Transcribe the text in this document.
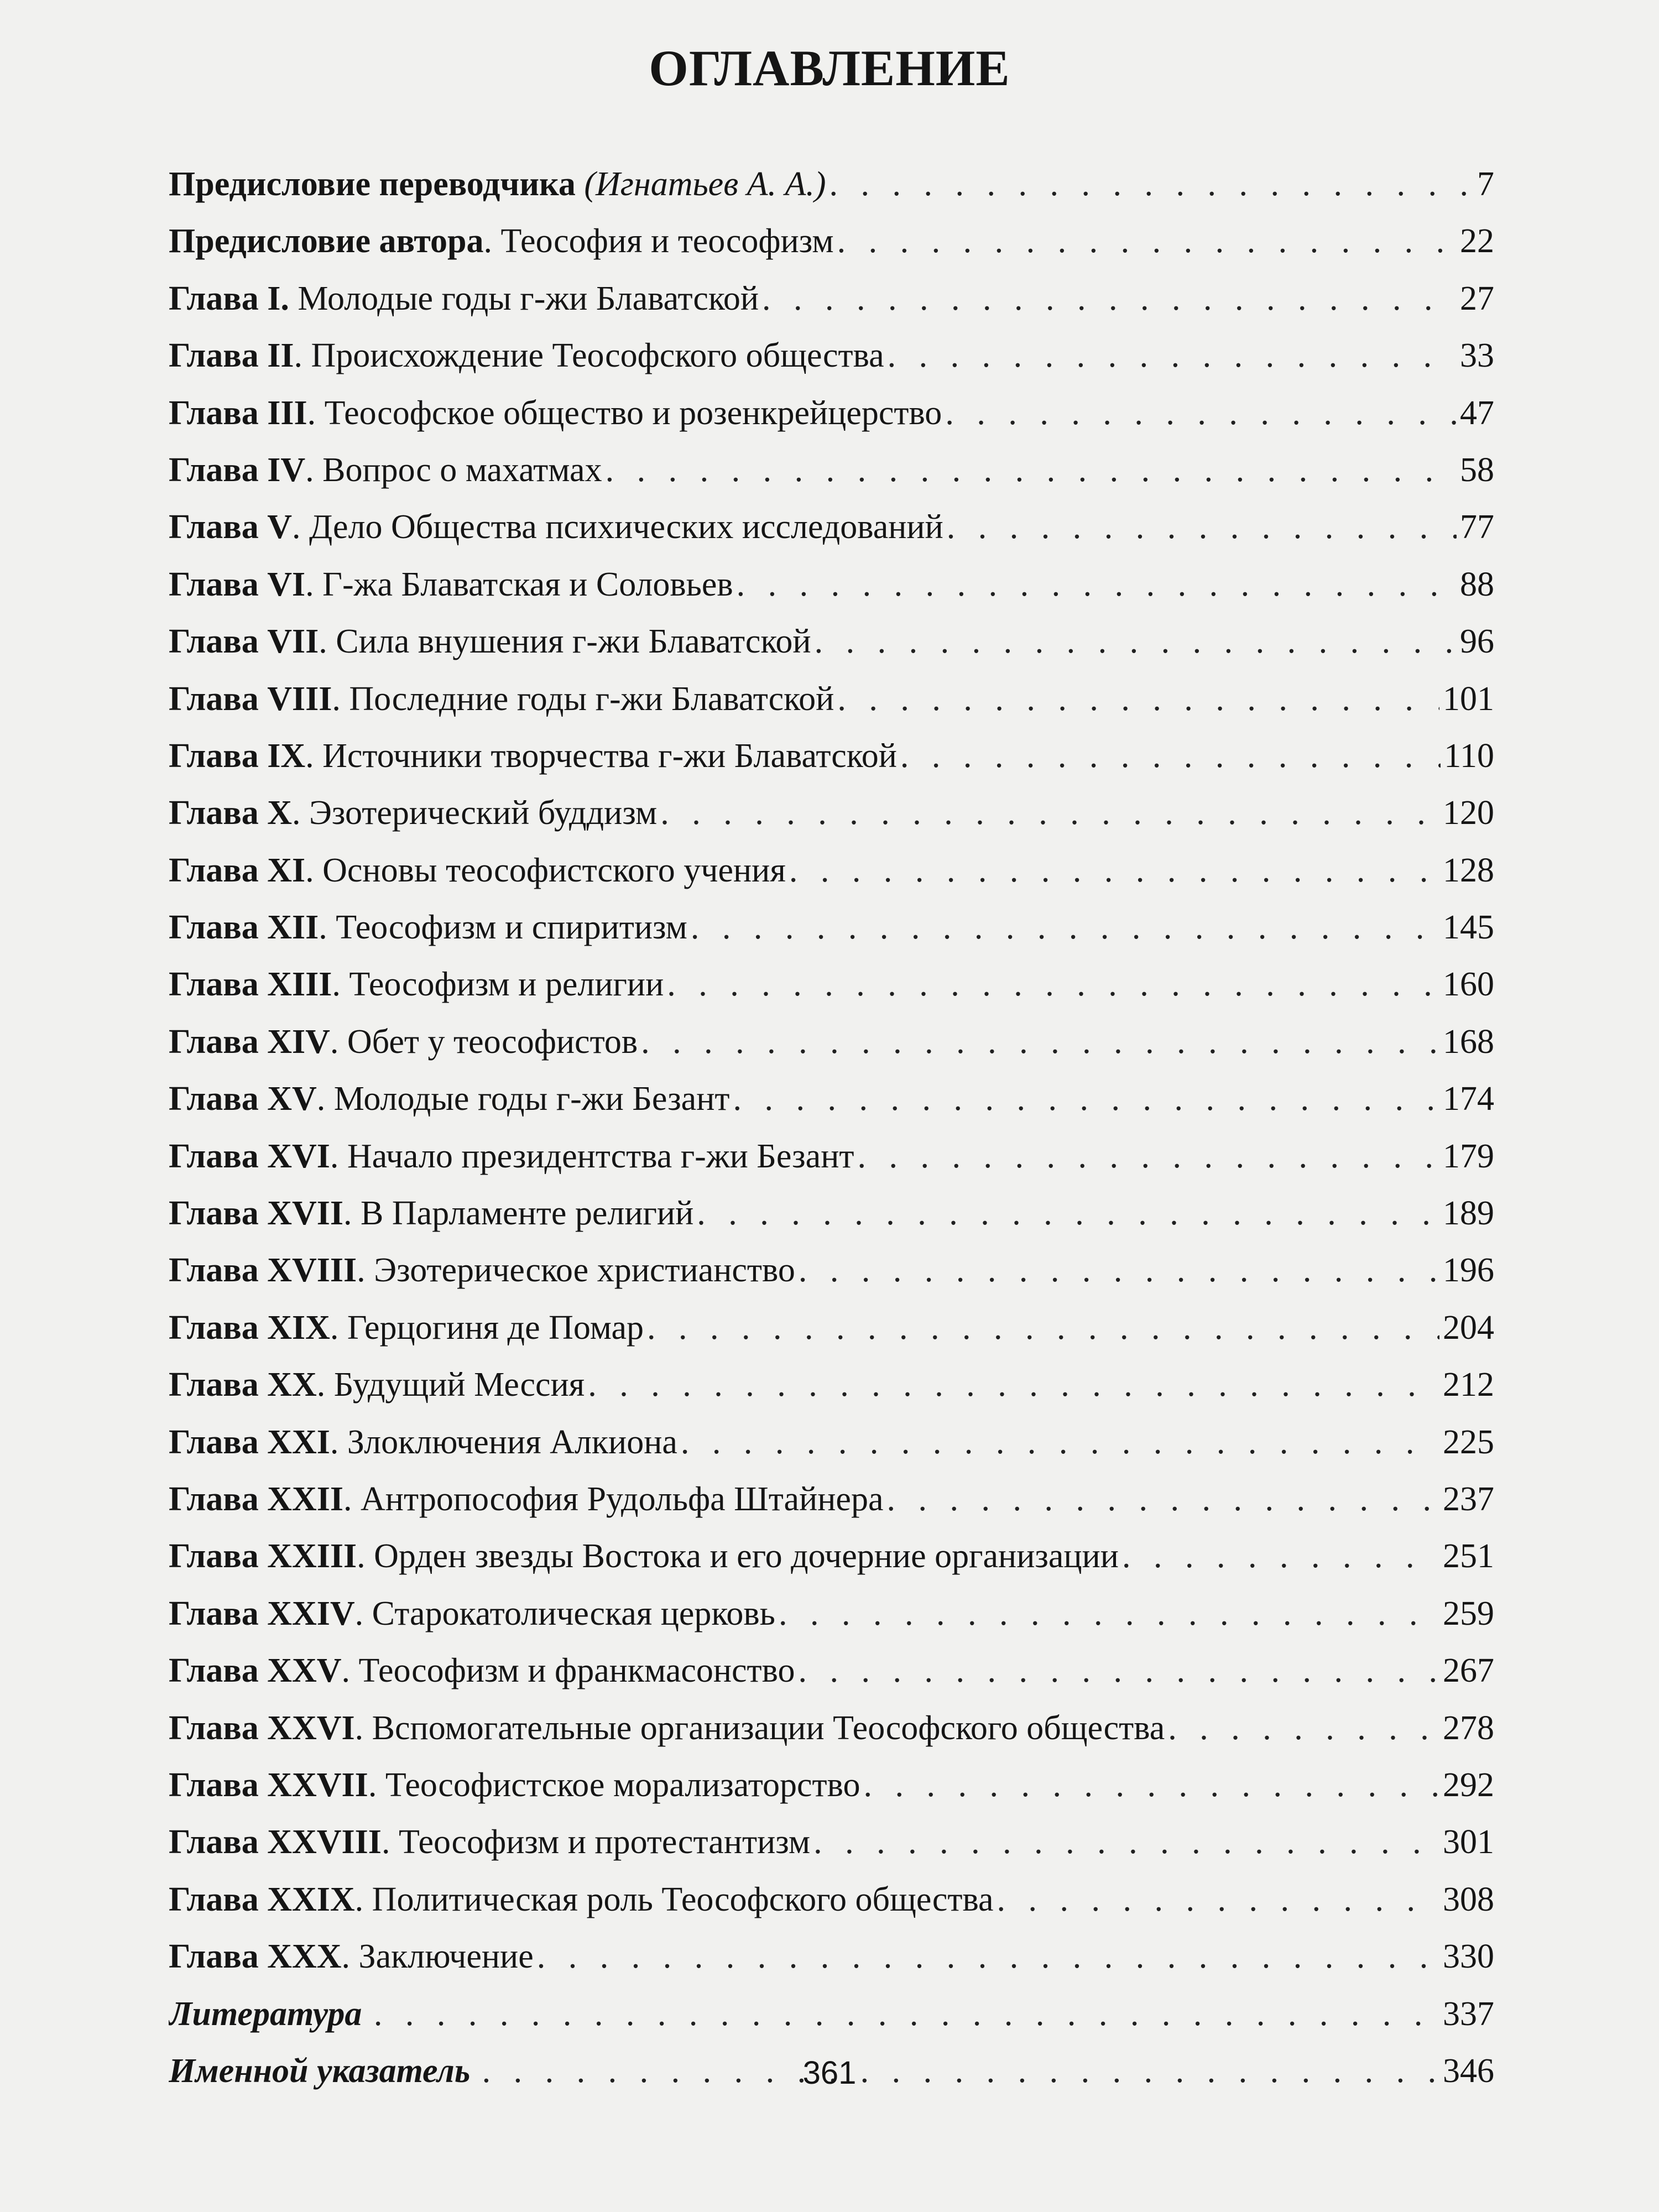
ОГЛАВЛЕНИЕ
Предисловие переводчика (Игнатьев А. А.) . . .	7
Предисловие автора. Теософия и теософизм . . .	22
Глава I. Молодые годы г-жи Блаватской . . .	27
Глава II. Происхождение Теософского общества . . .	33
Глава III. Теософское общество и розенкрейцерство . . .	47
Глава IV. Вопрос о махатмах . . .	58
Глава V. Дело Общества психических исследований . . .	77
Глава VI. Г-жа Блаватская и Соловьев . . .	88
Глава VII. Сила внушения г-жи Блаватской . . .	96
Глава VIII. Последние годы г-жи Блаватской . . .	101
Глава IX. Источники творчества г-жи Блаватской . . .	110
Глава X. Эзотерический буддизм . . .	120
Глава XI. Основы теософистского учения . . .	128
Глава XII. Теософизм и спиритизм . . .	145
Глава XIII. Теософизм и религии . . .	160
Глава XIV. Обет у теософистов . . .	168
Глава XV. Молодые годы г-жи Безант . . .	174
Глава XVI. Начало президентства г-жи Безант . . .	179
Глава XVII. В Парламенте религий . . .	189
Глава XVIII. Эзотерическое христианство . . .	196
Глава XIX. Герцогиня де Помар . . .	204
Глава XX. Будущий Мессия . . .	212
Глава XXI. Злоключения Алкиона . . .	225
Глава XXII. Антропософия Рудольфа Штайнера . . .	237
Глава XXIII. Орден звезды Востока и его дочерние организации . . .	251
Глава XXIV. Старокатолическая церковь . . .	259
Глава XXV. Теософизм и франкмасонство . . .	267
Глава XXVI. Вспомогательные организации Теософского общества . . .	278
Глава XXVII. Теософистское морализаторство . . .	292
Глава XXVIII. Теософизм и протестантизм . . .	301
Глава XXIX. Политическая роль Теософского общества . . .	308
Глава XXX. Заключение . . .	330
Литература . . .	337
Именной указатель . . .	346
361
